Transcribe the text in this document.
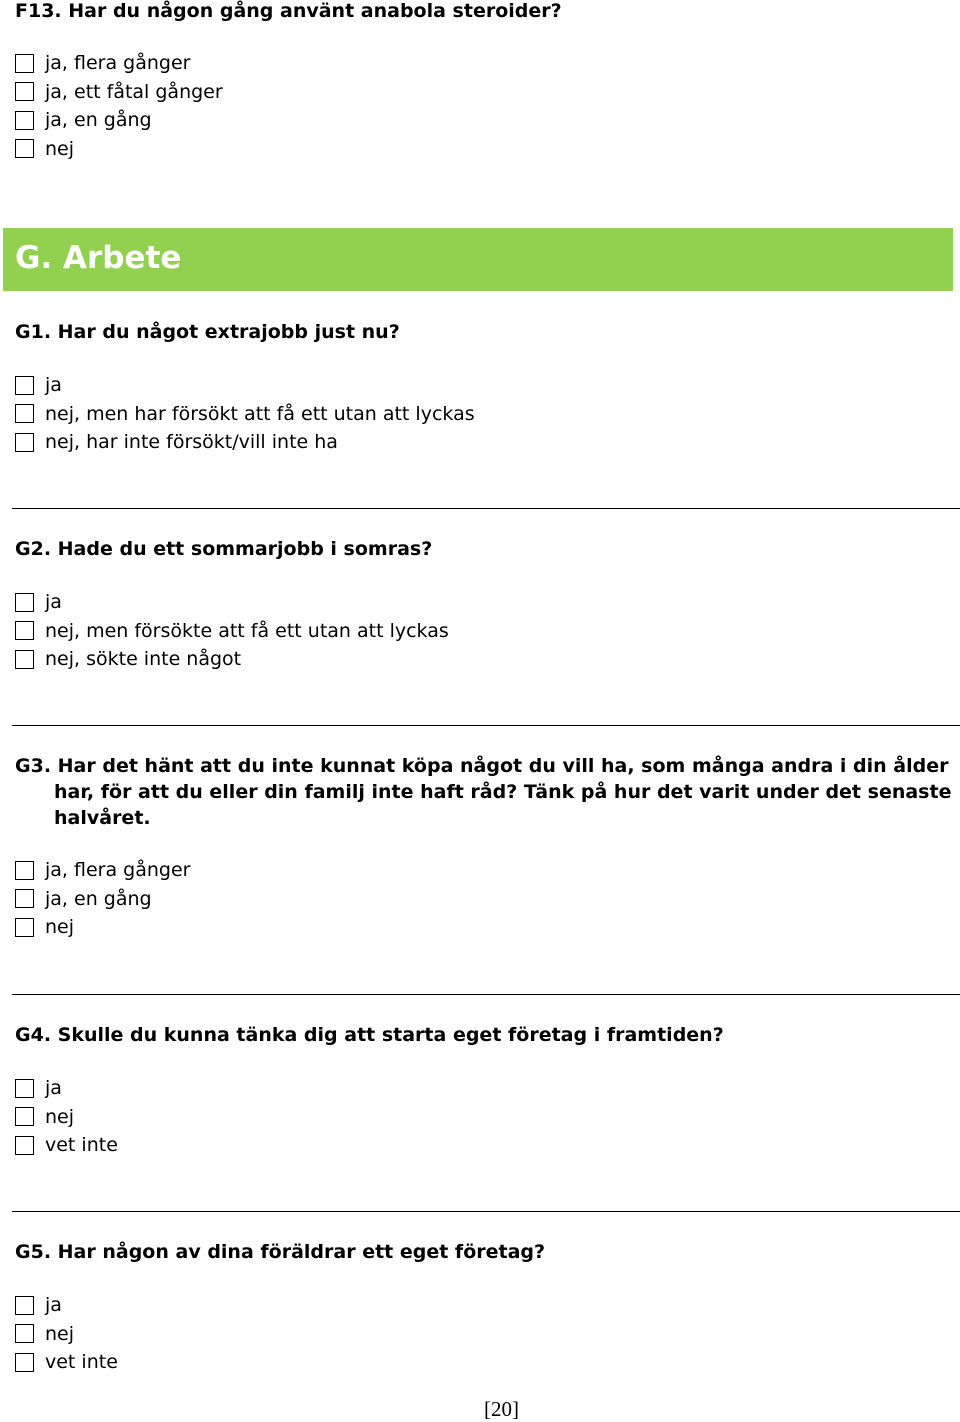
F13. Har du någon gång använt anabola steroider?
ja, flera gånger
ja, ett fåtal gånger
ja, en gång
nej
G. Arbete
G1. Har du något extrajobb just nu?
ja
nej, men har försökt att få ett utan att lyckas
nej, har inte försökt/vill inte ha
G2. Hade du ett sommarjobb i somras?
ja
nej, men försökte att få ett utan att lyckas
nej, sökte inte något

G3. Har det hänt att du inte kunnat köpa något du vill ha, som många andra i din ålder har, för att du eller din familj inte haft råd? Tänk på hur det varit under det senaste halvåret.

ja, flera gånger
ja, en gång
nej
G4. Skulle du kunna tänka dig att starta eget företag i framtiden?
ja
nej
vet inte
G5. Har någon av dina föräldrar ett eget företag?
ja
nej
vet inte
[20]
